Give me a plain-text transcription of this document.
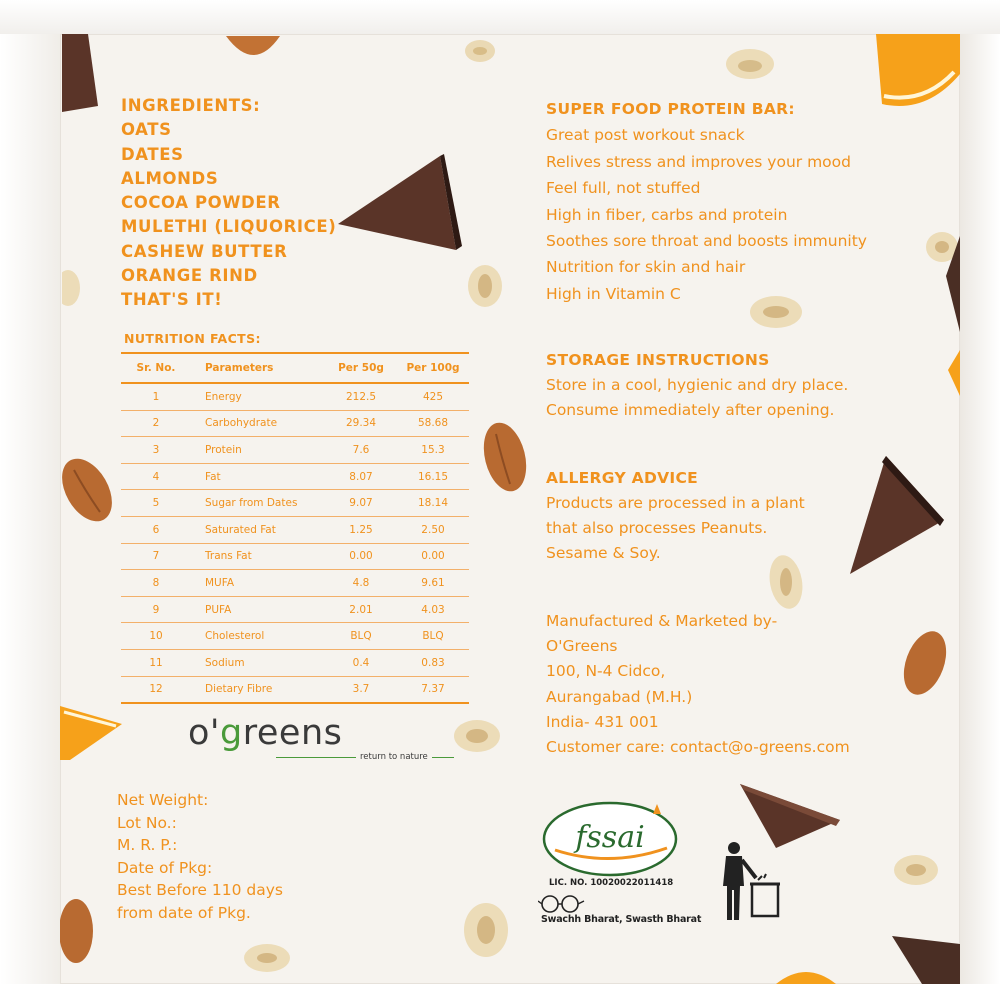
INGREDIENTS:
OATS
DATES
ALMONDS
COCOA POWDER
MULETHI (LIQUORICE)
CASHEW BUTTER
ORANGE RIND
THAT'S IT!
NUTRITION FACTS:
Sr. No.	Parameters	Per 50g	Per 100g
1	Energy	212.5	425
2	Carbohydrate	29.34	58.68
3	Protein	7.6	15.3
4	Fat	8.07	16.15
5	Sugar from Dates	9.07	18.14
6	Saturated Fat	1.25	2.50
7	Trans Fat	0.00	0.00
8	MUFA	4.8	9.61
9	PUFA	2.01	4.03
10	Cholesterol	BLQ	BLQ
11	Sodium	0.4	0.83
12	Dietary Fibre	3.7	7.37
o'greens
return to nature
Net Weight:
Lot No.:
M. R. P.:
Date of Pkg:
Best Before 110 days
from date of Pkg.
SUPER FOOD PROTEIN BAR:
Great post workout snack
Relives stress and improves your mood
Feel full, not stuffed
High in fiber, carbs and protein
Soothes sore throat and boosts immunity
Nutrition for skin and hair
High in Vitamin C
STORAGE INSTRUCTIONS
Store in a cool, hygienic and dry place.
Consume immediately after opening.
ALLERGY ADVICE
Products are processed in a plant
that also processes Peanuts.
Sesame & Soy.
Manufactured & Marketed by-
O'Greens
100, N-4 Cidco,
Aurangabad (M.H.)
India- 431 001
Customer care: contact@o-greens.com
fssai
LIC. NO. 10020022011418
Swachh Bharat, Swasth Bharat
